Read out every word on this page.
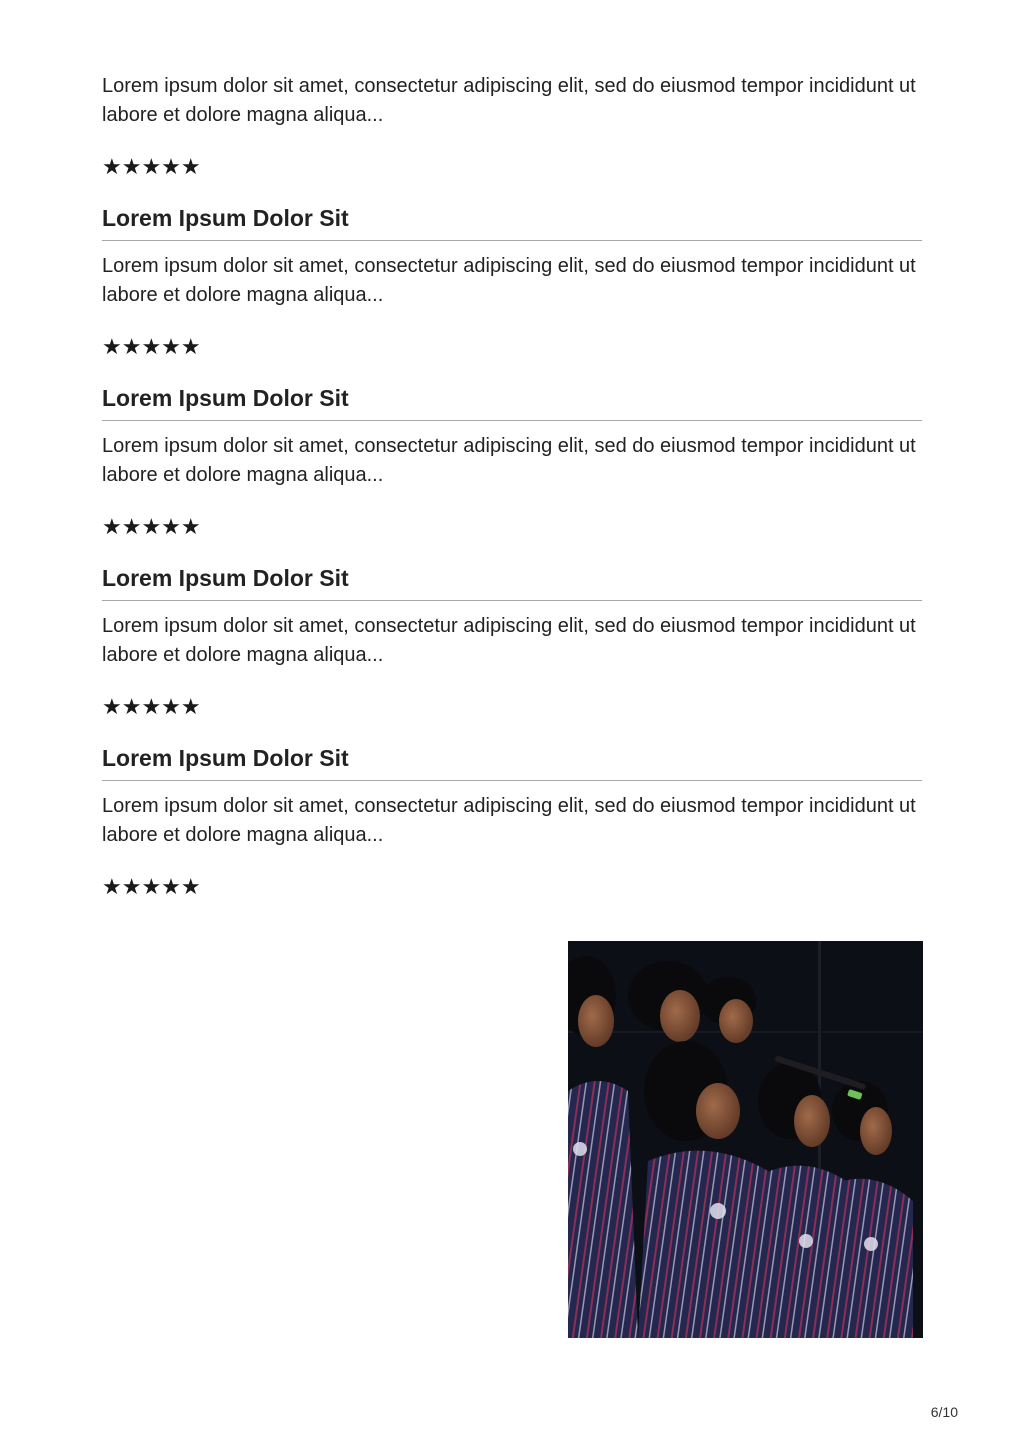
Lorem ipsum dolor sit amet, consectetur adipiscing elit, sed do eiusmod tempor incididunt ut labore et dolore magna aliqua...

★★★★★
Lorem Ipsum Dolor Sit

Lorem ipsum dolor sit amet, consectetur adipiscing elit, sed do eiusmod tempor incididunt ut labore et dolore magna aliqua...

★★★★★
Lorem Ipsum Dolor Sit

Lorem ipsum dolor sit amet, consectetur adipiscing elit, sed do eiusmod tempor incididunt ut labore et dolore magna aliqua...

★★★★★
Lorem Ipsum Dolor Sit

Lorem ipsum dolor sit amet, consectetur adipiscing elit, sed do eiusmod tempor incididunt ut labore et dolore magna aliqua...

★★★★★
Lorem Ipsum Dolor Sit

Lorem ipsum dolor sit amet, consectetur adipiscing elit, sed do eiusmod tempor incididunt ut labore et dolore magna aliqua...

★★★★★
6/10
